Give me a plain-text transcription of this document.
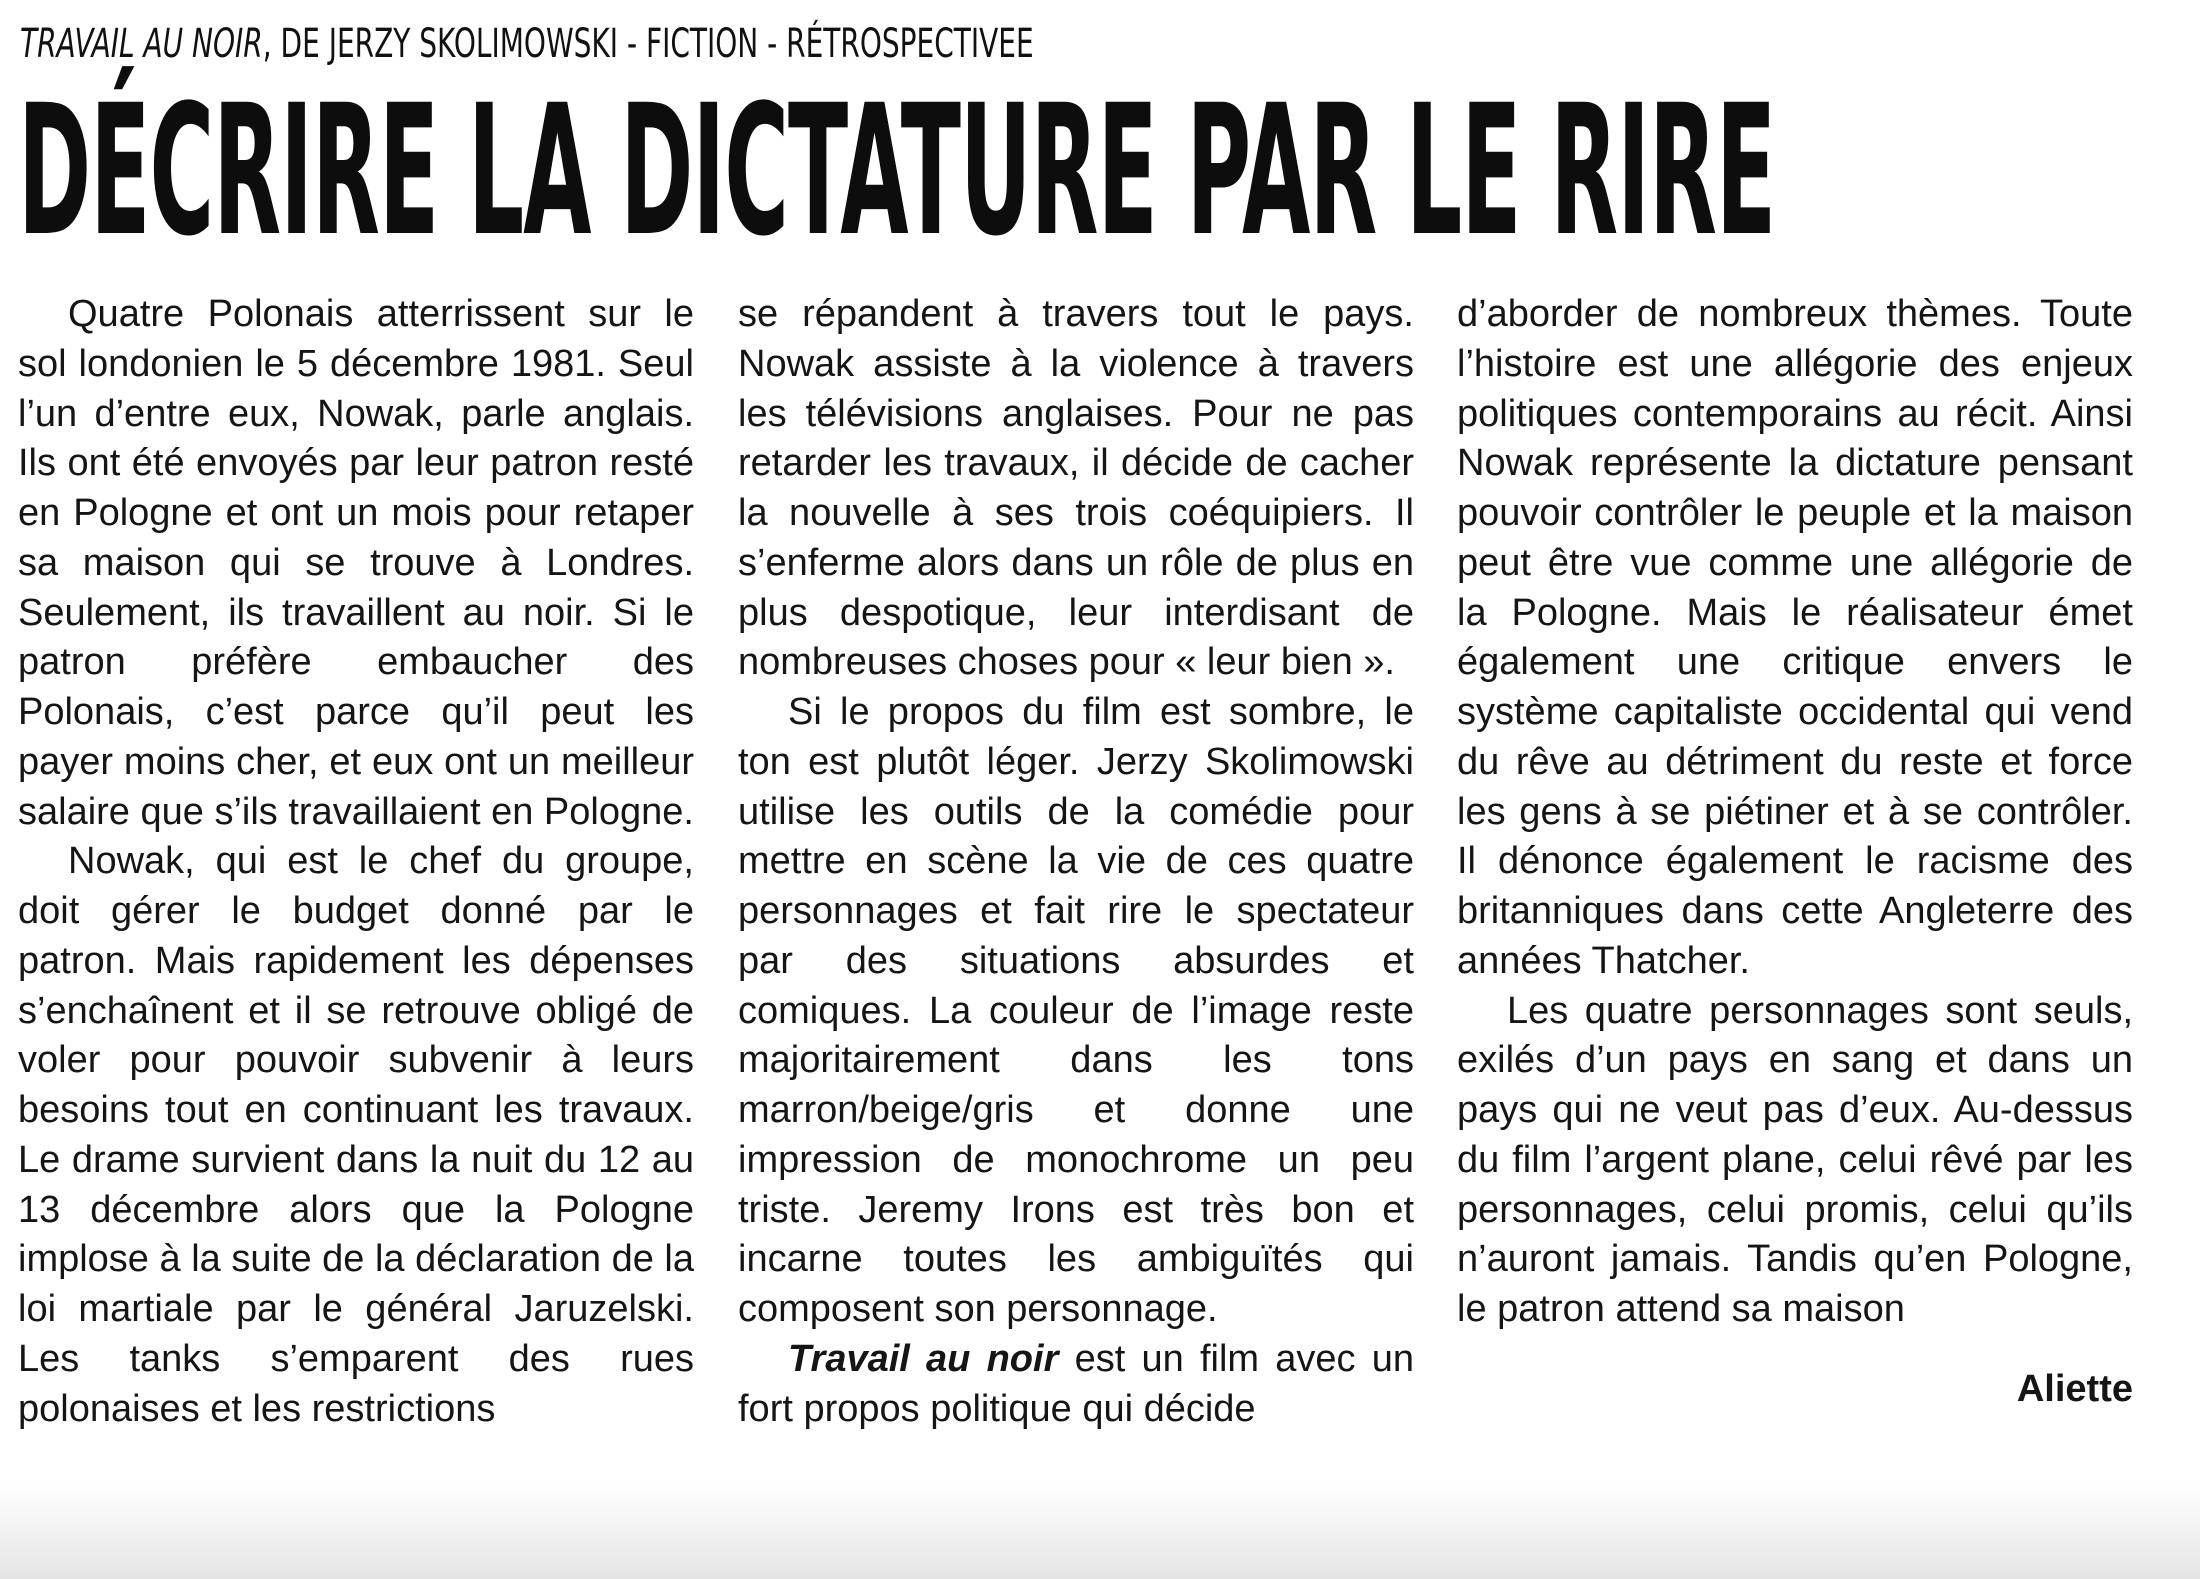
TRAVAIL AU NOIR, DE JERZY SKOLIMOWSKI - FICTION - RÉTROSPECTIVEE
DÉCRIRE LA DICTATURE PAR LE RIRE

Quatre Polonais atterrissent sur le sol londonien le 5 décembre 1981. Seul l’un d’entre eux, Nowak, parle anglais. Ils ont été envoyés par leur patron resté en Pologne et ont un mois pour retaper sa maison qui se trouve à Londres. Seulement, ils travaillent au noir. Si le patron préfère embaucher des Polonais, c’est parce qu’il peut les payer moins cher, et eux ont un meilleur salaire que s’ils travaillaient en Pologne.

Nowak, qui est le chef du groupe, doit gérer le budget donné par le patron. Mais rapidement les dépenses s’enchaînent et il se retrouve obligé de voler pour pouvoir subvenir à leurs besoins tout en continuant les travaux. Le drame survient dans la nuit du 12 au 13 décembre alors que la Pologne implose à la suite de la déclaration de la loi martiale par le général Jaruzelski. Les tanks s’emparent des rues polonaises et les restrictions

se répandent à travers tout le pays. Nowak assiste à la violence à travers les télévisions anglaises. Pour ne pas retarder les travaux, il décide de cacher la nouvelle à ses trois coéquipiers. Il s’enferme alors dans un rôle de plus en plus despotique, leur interdisant de nombreuses choses pour « leur bien ».

Si le propos du film est sombre, le ton est plutôt léger. Jerzy Skolimowski utilise les outils de la comédie pour mettre en scène la vie de ces quatre personnages et fait rire le spectateur par des situations absurdes et comiques. La couleur de l’image reste majoritairement dans les tons marron/beige/gris et donne une impression de monochrome un peu triste. Jeremy Irons est très bon et incarne toutes les ambiguïtés qui composent son personnage.

Travail au noir est un film avec un fort propos politique qui décide

d’aborder de nombreux thèmes. Toute l’histoire est une allégorie des enjeux politiques contemporains au récit. Ainsi Nowak représente la dictature pensant pouvoir contrôler le peuple et la maison peut être vue comme une allégorie de la Pologne. Mais le réalisateur émet également une critique envers le système capitaliste occidental qui vend du rêve au détriment du reste et force les gens à se piétiner et à se contrôler. Il dénonce également le racisme des britanniques dans cette Angleterre des années Thatcher.

Les quatre personnages sont seuls, exilés d’un pays en sang et dans un pays qui ne veut pas d’eux. Au-dessus du film l’argent plane, celui rêvé par les personnages, celui promis, celui qu’ils n’auront jamais. Tandis qu’en Pologne, le patron attend sa maison

Aliette
